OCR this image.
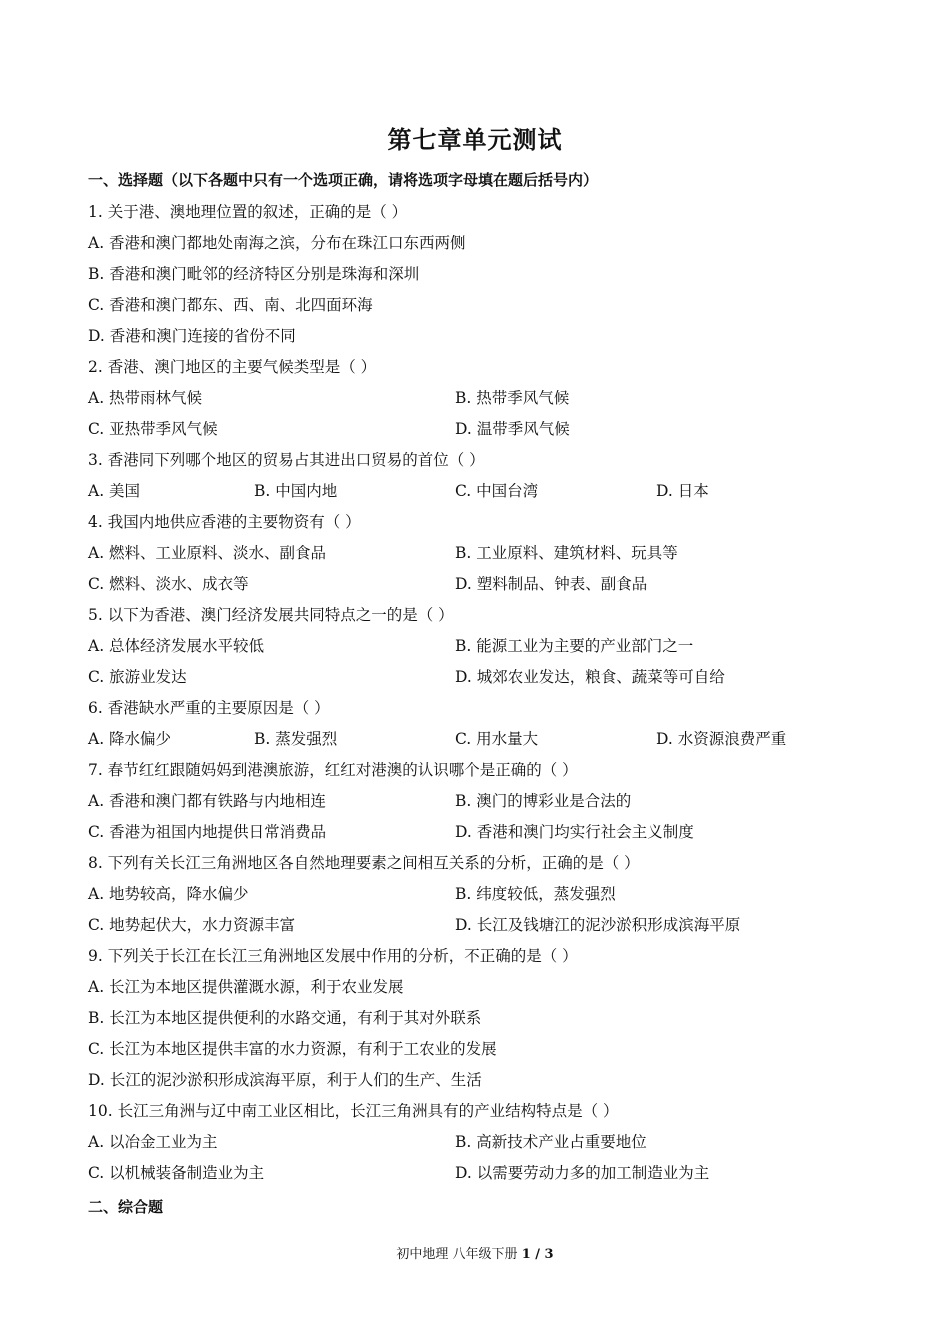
第七章单元测试
一、选择题（以下各题中只有一个选项正确，请将选项字母填在题后括号内）
1. 关于港、澳地理位置的叙述，正确的是（ ）
A. 香港和澳门都地处南海之滨，分布在珠江口东西两侧
B. 香港和澳门毗邻的经济特区分别是珠海和深圳
C. 香港和澳门都东、西、南、北四面环海
D. 香港和澳门连接的省份不同
2. 香港、澳门地区的主要气候类型是（ ）
A. 热带雨林气候	B. 热带季风气候
C. 亚热带季风气候	D. 温带季风气候
3. 香港同下列哪个地区的贸易占其进出口贸易的首位（ ）
A. 美国	B. 中国内地	C. 中国台湾	D. 日本
4. 我国内地供应香港的主要物资有（ ）
A. 燃料、工业原料、淡水、副食品	B. 工业原料、建筑材料、玩具等
C. 燃料、淡水、成衣等	D. 塑料制品、钟表、副食品
5. 以下为香港、澳门经济发展共同特点之一的是（ ）
A. 总体经济发展水平较低	B. 能源工业为主要的产业部门之一
C. 旅游业发达	D. 城郊农业发达，粮食、蔬菜等可自给
6. 香港缺水严重的主要原因是（ ）
A. 降水偏少	B. 蒸发强烈	C. 用水量大	D. 水资源浪费严重
7. 春节红红跟随妈妈到港澳旅游，红红对港澳的认识哪个是正确的（ ）
A. 香港和澳门都有铁路与内地相连	B. 澳门的博彩业是合法的
C. 香港为祖国内地提供日常消费品	D. 香港和澳门均实行社会主义制度
8. 下列有关长江三角洲地区各自然地理要素之间相互关系的分析，正确的是（ ）
A. 地势较高，降水偏少	B. 纬度较低，蒸发强烈
C. 地势起伏大，水力资源丰富	D. 长江及钱塘江的泥沙淤积形成滨海平原
9. 下列关于长江在长江三角洲地区发展中作用的分析，不正确的是（ ）
A. 长江为本地区提供灌溉水源，利于农业发展
B. 长江为本地区提供便利的水路交通，有利于其对外联系
C. 长江为本地区提供丰富的水力资源，有利于工农业的发展
D. 长江的泥沙淤积形成滨海平原，利于人们的生产、生活
10. 长江三角洲与辽中南工业区相比，长江三角洲具有的产业结构特点是（ ）
A. 以冶金工业为主	B. 高新技术产业占重要地位
C. 以机械装备制造业为主	D. 以需要劳动力多的加工制造业为主
二、综合题
初中地理 八年级下册 1 / 3
